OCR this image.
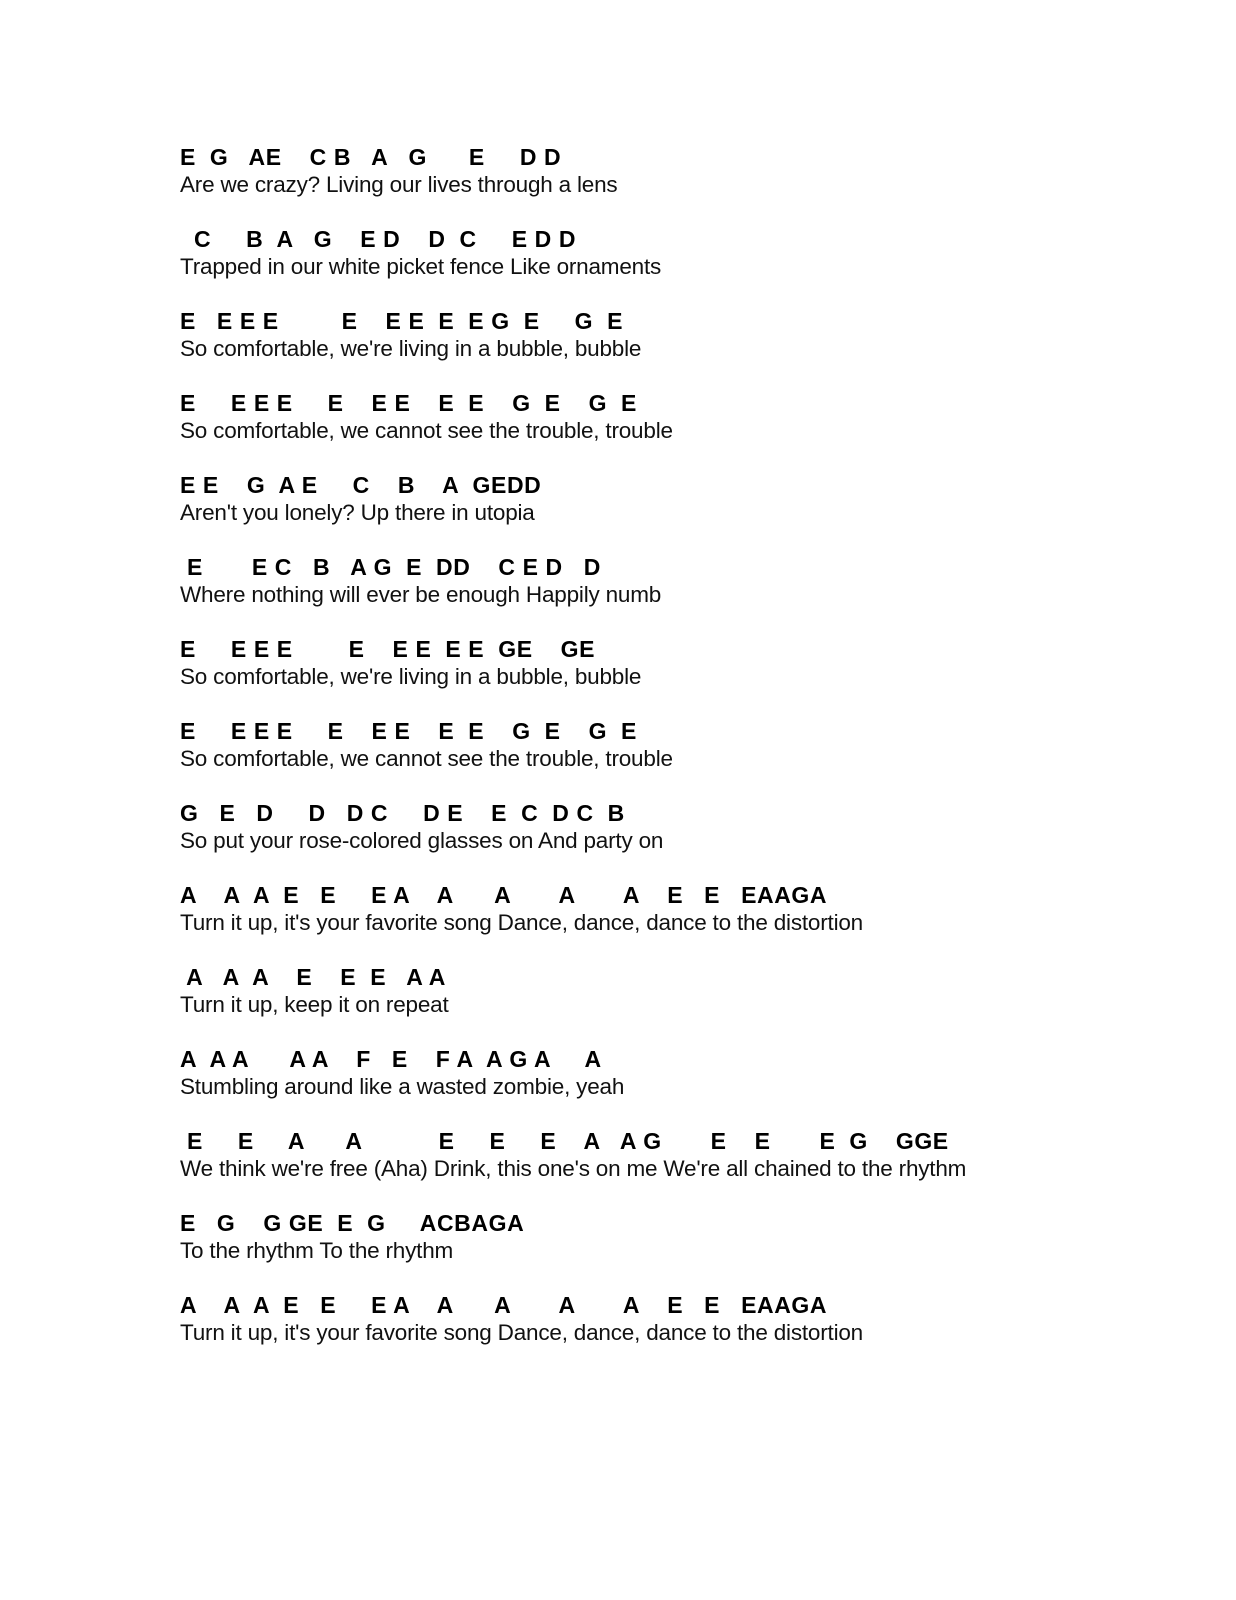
E  G   AE    C B   A   G      E     D D
Are we crazy? Living our lives through a lens
C     B  A   G    E D    D  C     E D D
Trapped in our white picket fence Like ornaments
E   E E E         E    E E  E  E G  E     G  E
So comfortable, we're living in a bubble, bubble
E     E E E     E    E E    E  E    G  E    G  E
So comfortable, we cannot see the trouble, trouble
E E    G  A E     C    B    A  GEDD
Aren't you lonely? Up there in utopia
E       E C   B   A G  E  DD    C E D   D
Where nothing will ever be enough Happily numb
E     E E E        E    E E  E E  GE    GE
So comfortable, we're living in a bubble, bubble
E     E E E     E    E E    E  E    G  E    G  E
So comfortable, we cannot see the trouble, trouble
G   E   D     D   D C     D E    E  C  D C  B
So put your rose-colored glasses on And party on
A    A  A  E   E     E A    A      A       A       A    E   E   EAAGA
Turn it up, it's your favorite song Dance, dance, dance to the distortion
A   A  A    E    E  E   A A
Turn it up, keep it on repeat
A  A A      A A    F   E    F A  A G A     A
Stumbling around like a wasted zombie, yeah
E     E     A      A           E     E     E    A   A G       E    E       E  G    GGE
We think we're free (Aha) Drink, this one's on me We're all chained to the rhythm
E   G    G GE  E  G     ACBAGA
To the rhythm To the rhythm
A    A  A  E   E     E A    A      A       A       A    E   E   EAAGA
Turn it up, it's your favorite song Dance, dance, dance to the distortion
